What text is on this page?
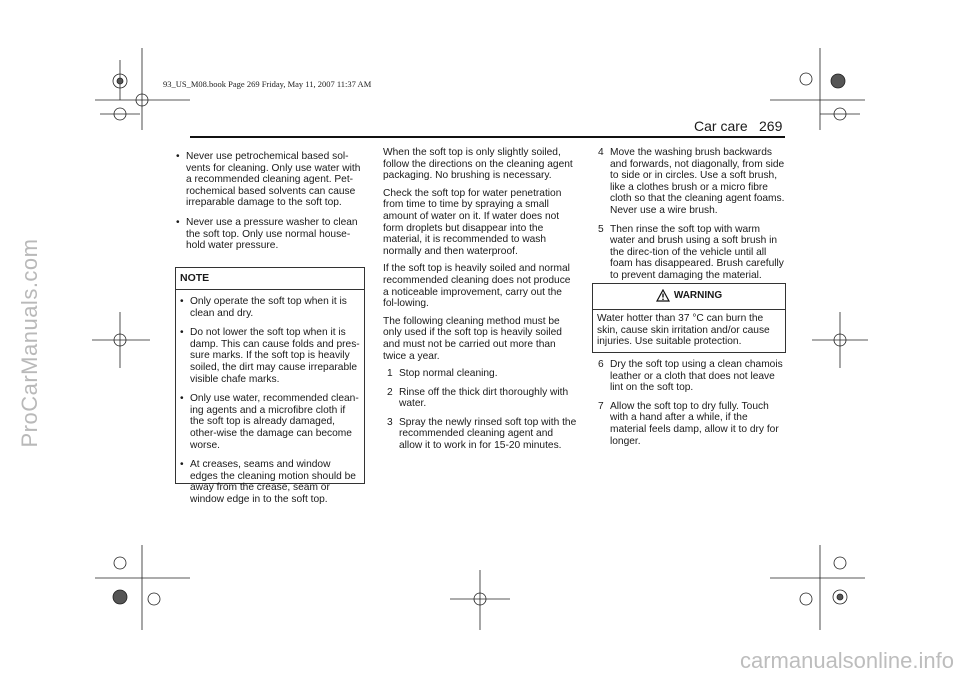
ProCarManuals.com
93_US_M08.book Page 269 Friday, May 11, 2007 11:37 AM
Car care 269
• Never use petrochemical based sol-vents for cleaning. Only use water with a recommended cleaning agent. Pet-rochemical based solvents can cause irreparable damage to the soft top.
• Never use a pressure washer to clean the soft top. Only use normal house-hold water pressure.
NOTE
• Only operate the soft top when it is clean and dry.
• Do not lower the soft top when it is damp. This can cause folds and pres-sure marks. If the soft top is heavily soiled, the dirt may cause irreparable visible chafe marks.
• Only use water, recommended clean-ing agents and a microfibre cloth if the soft top is already damaged, other-wise the damage can become worse.
• At creases, seams and window edges the cleaning motion should be away from the crease, seam or window edge in to the soft top.

When the soft top is only slightly soiled, follow the directions on the cleaning agent packaging. No brushing is necessary.

Check the soft top for water penetration from time to time by spraying a small amount of water on it. If water does not form droplets but disappear into the material, it is recommended to wash normally and then waterproof.

If the soft top is heavily soiled and normal recommended cleaning does not produce a noticeable improvement, carry out the fol-lowing.

The following cleaning method must be only used if the soft top is heavily soiled and must not be carried out more than twice a year.

1 Stop normal cleaning.
2 Rinse off the thick dirt thoroughly with water.
3 Spray the newly rinsed soft top with the recommended cleaning agent and allow it to work in for 15-20 minutes.
4 Move the washing brush backwards and forwards, not diagonally, from side to side or in circles. Use a soft brush, like a clothes brush or a micro fibre cloth so that the cleaning agent foams. Never use a wire brush.
5 Then rinse the soft top with warm water and brush using a soft brush in the direc-tion of the vehicle until all foam has disappeared. Brush carefully to prevent damaging the material.
WARNING
Water hotter than 37 °C can burn the skin, cause skin irritation and/or cause injuries. Use suitable protection.
6 Dry the soft top using a clean chamois leather or a cloth that does not leave lint on the soft top.
7 Allow the soft top to dry fully. Touch with a hand after a while, if the material feels damp, allow it to dry for longer.
carmanualsonline.info
